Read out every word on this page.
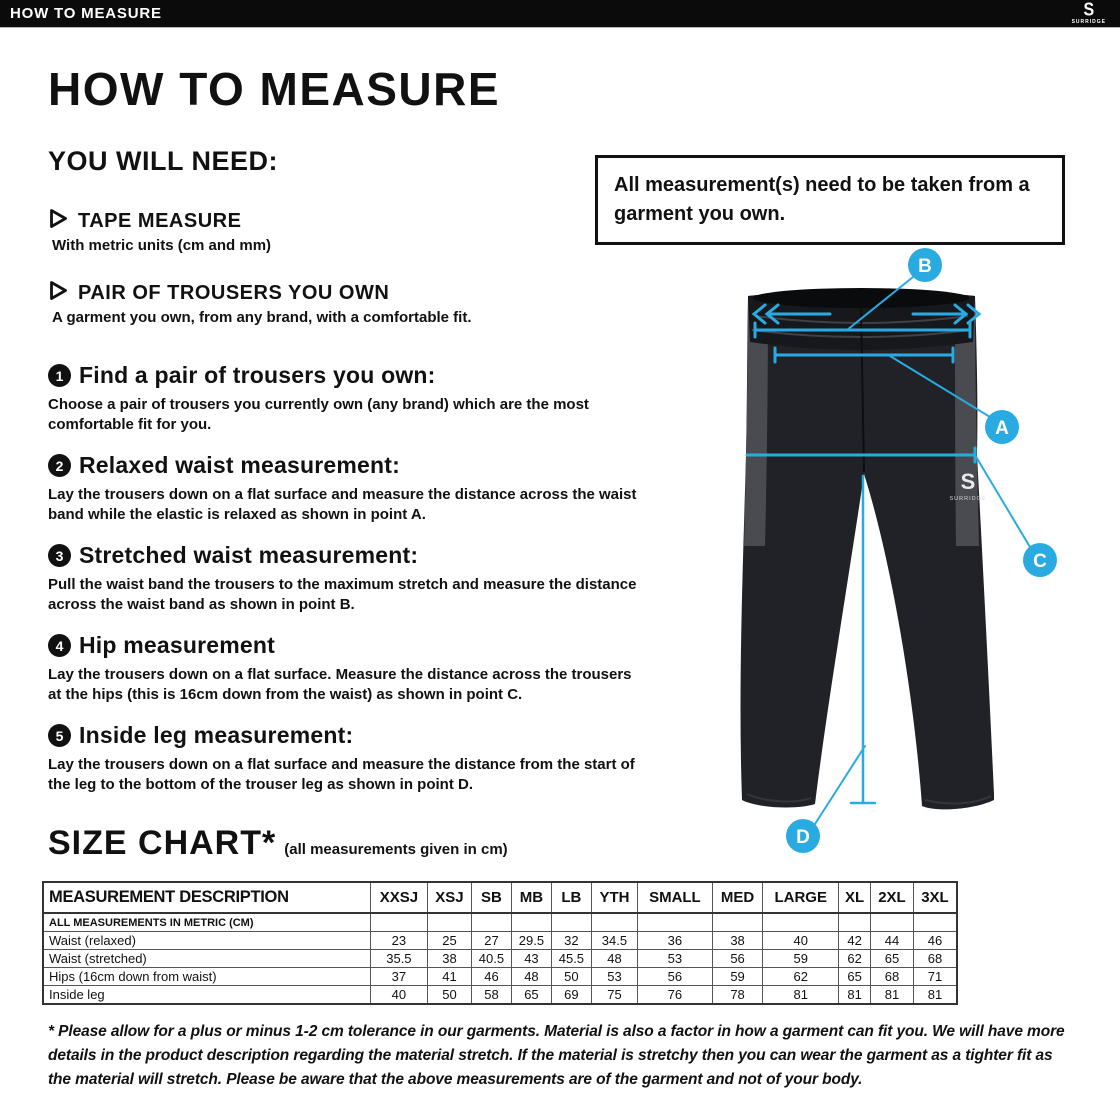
HOW TO MEASURE	S
SURRIDGE
HOW TO MEASURE
YOU WILL NEED:
TAPE MEASURE
With metric units (cm and mm)
PAIR OF TROUSERS YOU OWN
A garment you own, from any brand, with a comfortable fit.
1 Find a pair of trousers you own:

Choose a pair of trousers you currently own (any brand) which are the most comfortable fit for you.

2 Relaxed waist measurement:

Lay the trousers down on a flat surface and measure the distance across the waist band while the elastic is relaxed as shown in point A.

3 Stretched waist measurement:

Pull the waist band the trousers to the maximum stretch and measure the distance across the waist band as shown in point B.

4 Hip measurement

Lay the trousers down on a flat surface. Measure the distance across the trousers at the hips (this is 16cm down from the waist) as shown in point C.

5 Inside leg measurement:

Lay the trousers down on a flat surface and measure the distance from the start of the leg to the bottom of the trouser leg as shown in point D.

All measurement(s) need to be taken from a garment you own.
S
SURRIDGE
B
A
C
D
SIZE CHART* (all measurements given in cm)
MEASUREMENT DESCRIPTION	XXSJ	XSJ	SB	MB	LB	YTH	SMALL	MED	LARGE	XL	2XL	3XL
ALL MEASUREMENTS IN METRIC (CM)												
Waist (relaxed)	23	25	27	29.5	32	34.5	36	38	40	42	44	46
Waist (stretched)	35.5	38	40.5	43	45.5	48	53	56	59	62	65	68
Hips (16cm down from waist)	37	41	46	48	50	53	56	59	62	65	68	71
Inside leg	40	50	58	65	69	75	76	78	81	81	81	81
* Please allow for a plus or minus 1-2 cm tolerance in our garments. Material is also a factor in how a garment can fit you. We will have more details in the product description regarding the material stretch. If the material is stretchy then you can wear the garment as a tighter fit as the material will stretch. Please be aware that the above measurements are of the garment and not of your body.
